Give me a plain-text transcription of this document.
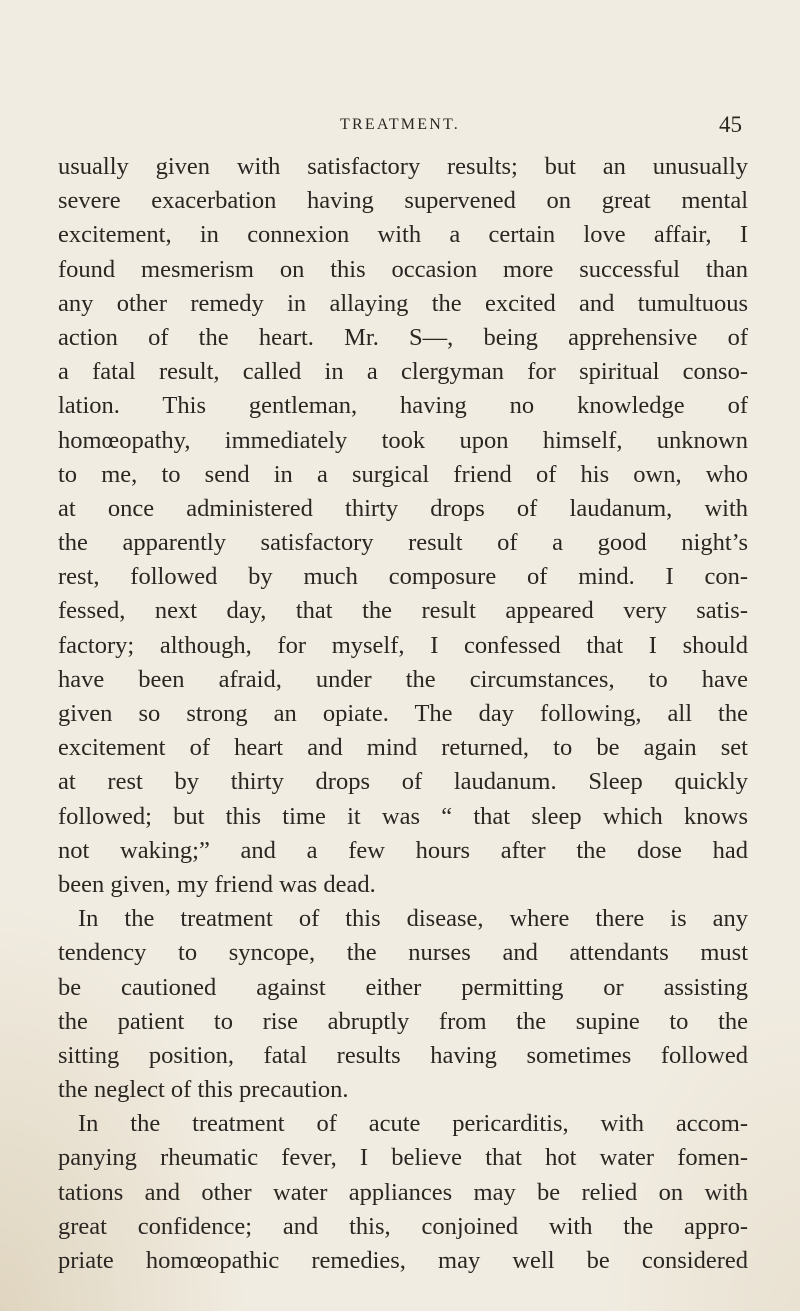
TREATMENT.	45
usually given with satisfactory results; but an unusually
severe exacerbation having supervened on great mental
excitement, in connexion with a certain love affair, I
found mesmerism on this occasion more successful than
any other remedy in allaying the excited and tumultuous
action of the heart. Mr. S—, being apprehensive of
a fatal result, called in a clergyman for spiritual conso-
lation. This gentleman, having no knowledge of
homœopathy, immediately took upon himself, unknown
to me, to send in a surgical friend of his own, who
at once administered thirty drops of laudanum, with
the apparently satisfactory result of a good night’s
rest, followed by much composure of mind. I con-
fessed, next day, that the result appeared very satis-
factory; although, for myself, I confessed that I should
have been afraid, under the circumstances, to have
given so strong an opiate. The day following, all the
excitement of heart and mind returned, to be again set
at rest by thirty drops of laudanum. Sleep quickly
followed; but this time it was “ that sleep which knows
not waking;” and a few hours after the dose had
been given, my friend was dead.
In the treatment of this disease, where there is any
tendency to syncope, the nurses and attendants must
be cautioned against either permitting or assisting
the patient to rise abruptly from the supine to the
sitting position, fatal results having sometimes followed
the neglect of this precaution.
In the treatment of acute pericarditis, with accom-
panying rheumatic fever, I believe that hot water fomen-
tations and other water appliances may be relied on with
great confidence; and this, conjoined with the appro-
priate homœopathic remedies, may well be considered
